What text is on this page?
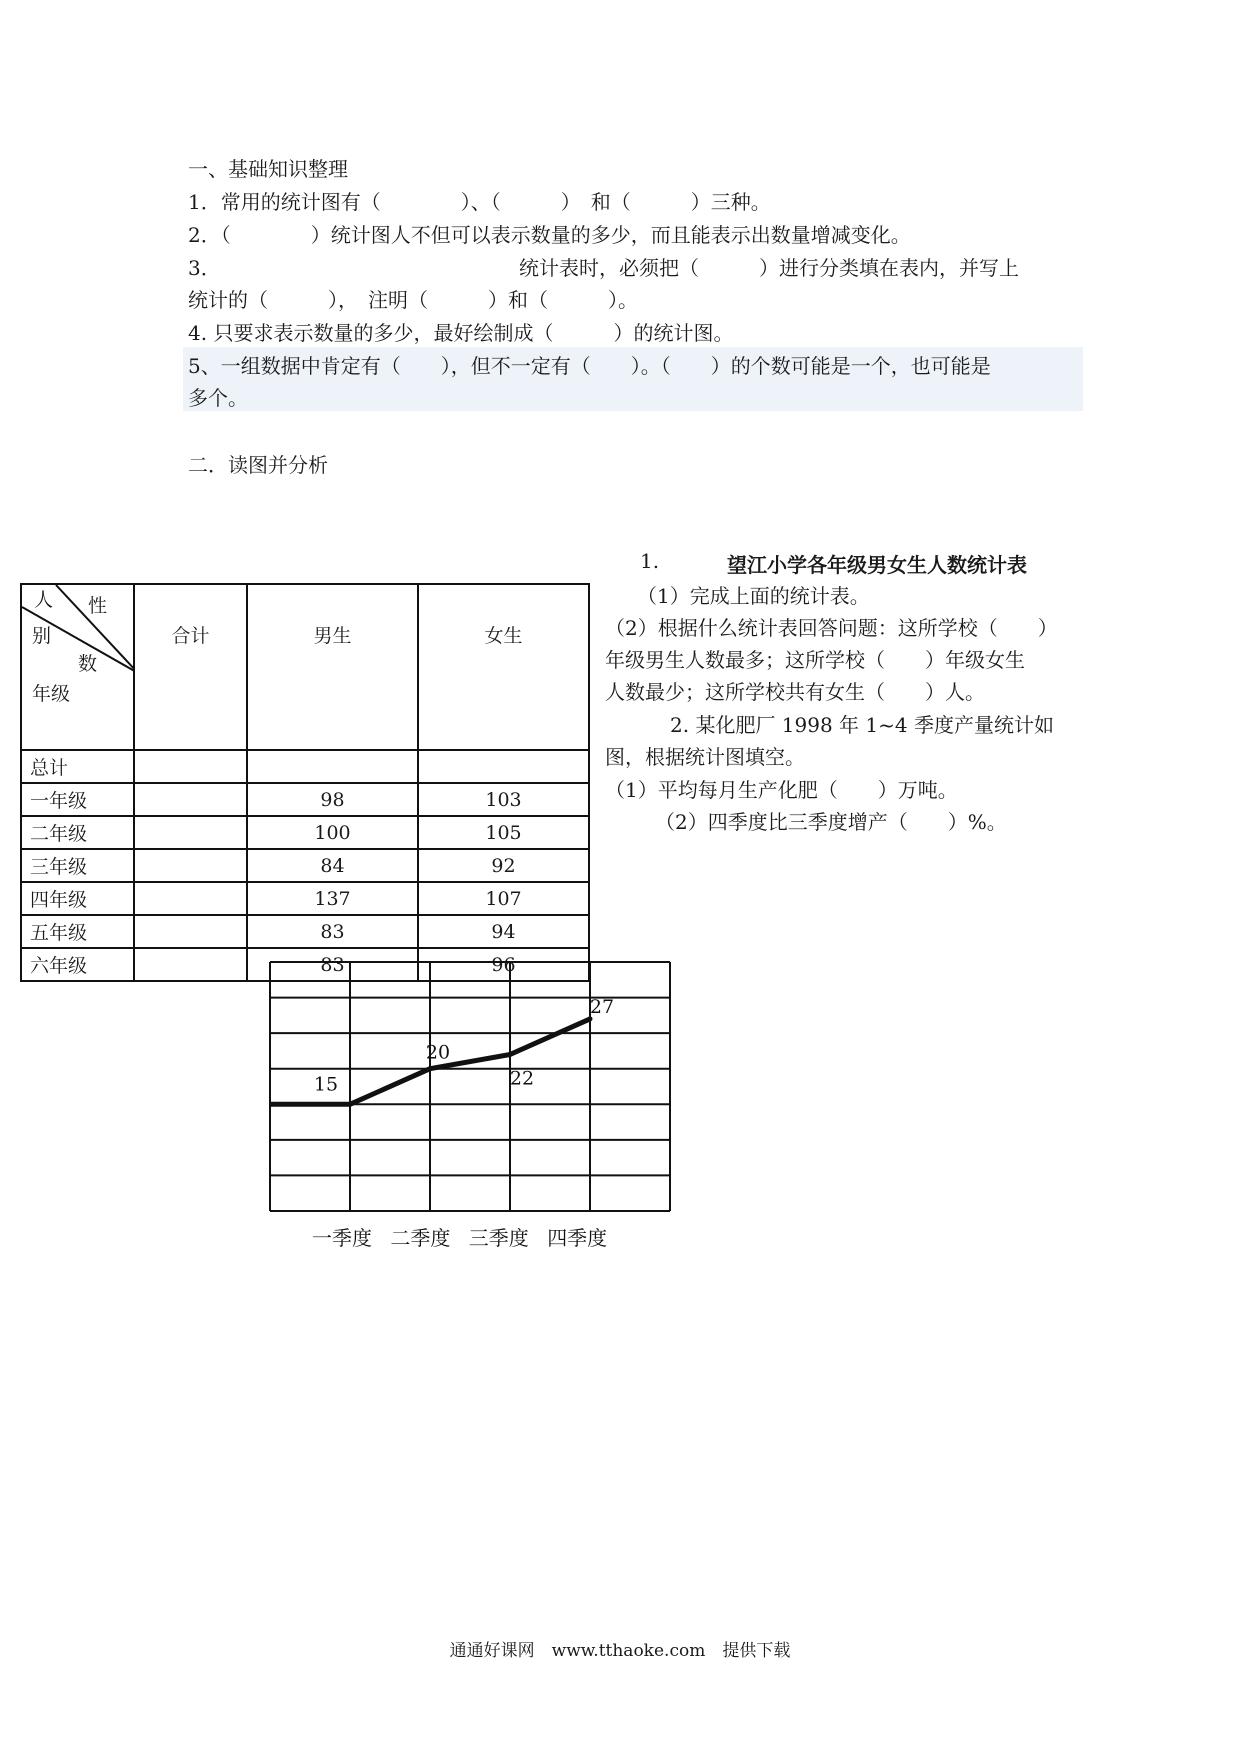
一、基础知识整理
1．常用的统计图有（　　　　）、（　　　）　和（　　　）三种。
2．（　　　　）统计图人不但可以表示数量的多少，而且能表示出数量增减变化。
3．	统计表时，必须把（　　　）进行分类填在表内，并写上
统计的（　　　），　注明（　　　）和（　　　）。
4. 只要求表示数量的多少，最好绘制成（　　　）的统计图。
5、一组数据中肯定有（　　），但不一定有（　　）。（　　）的个数可能是一个，也可能是
多个。
二．读图并分析
人 性
别
数
年级	合计	男生	女生
总计			
一年级		98	103
二年级		100	105
三年级		84	92
四年级		137	107
五年级		83	94
六年级		83	96
1.	望江小学各年级男女生人数统计表
（1）完成上面的统计表。
（2）根据什么统计表回答问题：这所学校（　　）
年级男生人数最多；这所学校（　　）年级女生
人数最少；这所学校共有女生（　　）人。
2. 某化肥厂 1998 年 1~4 季度产量统计如
图，根据统计图填空。
（1）平均每月生产化肥（　　）万吨。
（2）四季度比三季度增产（　　）%。
15
20
22
27
一季度 二季度 三季度 四季度
通通好课网　www.tthaoke.com　提供下载
